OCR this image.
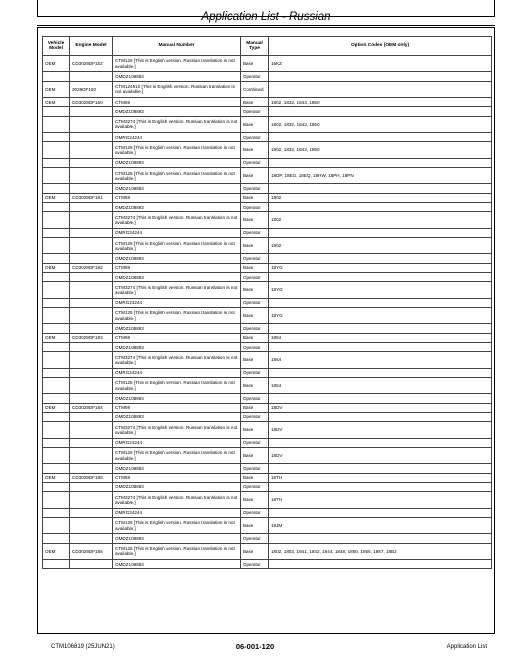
Application List - Russian
Vehicle Model	Engine Model	Manual Number	Manual Type	Option Codes (OEM only)
OEM	CD3029DF152	CTM125 [This is English version. Russian translation is not available.]	Base	16KZ
		OMDZ108893	Operator	
OEM	3029DF150	CTM124910 [This is English version. Russian translation is not available.]	Combined	
OEM	CD3029DF150	CTM69	Base	1802, 1832, 1843, 1850
		OMDZ108893	Operator	
		CTM3274 [This is English version. Russian translation is not available.]	Base	1802, 1832, 1843, 1850
		OMRG24244	Operator	
		CTM125 [This is English version. Russian translation is not available.]	Base	1802, 1832, 1843, 1850
		OMDZ108893	Operator	
		CTM125 [This is English version. Russian translation is not available.]	Base	18DP, 18EG, 18EQ, 18HW, 18PH, 18PN
		OMDZ108893	Operator	
OEM	CD3029DF181	CTM69	Base	1802
		OMDZ108893	Operator	
		CTM3274 [This is English version. Russian translation is not available.]	Base	1802
		OMRG24244	Operator	
		CTM125 [This is English version. Russian translation is not available.]	Base	1802
		OMDZ108893	Operator	
OEM	CD3029DF182	CTM69	Base	18YG
		OMDZ108893	Operator	
		CTM3274 [This is English version. Russian translation is not available.]	Base	18YG
		OMRG24244	Operator	
		CTM125 [This is English version. Russian translation is not available.]	Base	18YG
		OMDZ108893	Operator	
OEM	CD3029DF183	CTM69	Base	1854
		OMDZ108893	Operator	
		CTM3274 [This is English version. Russian translation is not available.]	Base	1854
		OMRG24244	Operator	
		CTM125 [This is English version. Russian translation is not available.]	Base	1854
		OMDZ108893	Operator	
OEM	CD3029DF184	CTM69	Base	18DV
		OMDZ108893	Operator	
		CTM3274 [This is English version. Russian translation is not available.]	Base	18DV
		OMRG24244	Operator	
		CTM125 [This is English version. Russian translation is not available.]	Base	18DV
		OMDZ108893	Operator	
OEM	CD3029DF185	CTM69	Base	18TH
		OMDZ108893	Operator	
		CTM3274 [This is English version. Russian translation is not available.]	Base	18TH
		OMRG24244	Operator	
		CTM125 [This is English version. Russian translation is not available.]	Base	18JM
		OMDZ108893	Operator	
OEM	CD3029DF186	CTM125 [This is English version. Russian translation is not available.]	Base	1802, 1803, 1841, 1842, 1844, 1848, 1850, 1855, 1867, 18BJ
		OMDZ108893	Operator	
CTM106819 (25JUN21)	06-001-120	Application List
